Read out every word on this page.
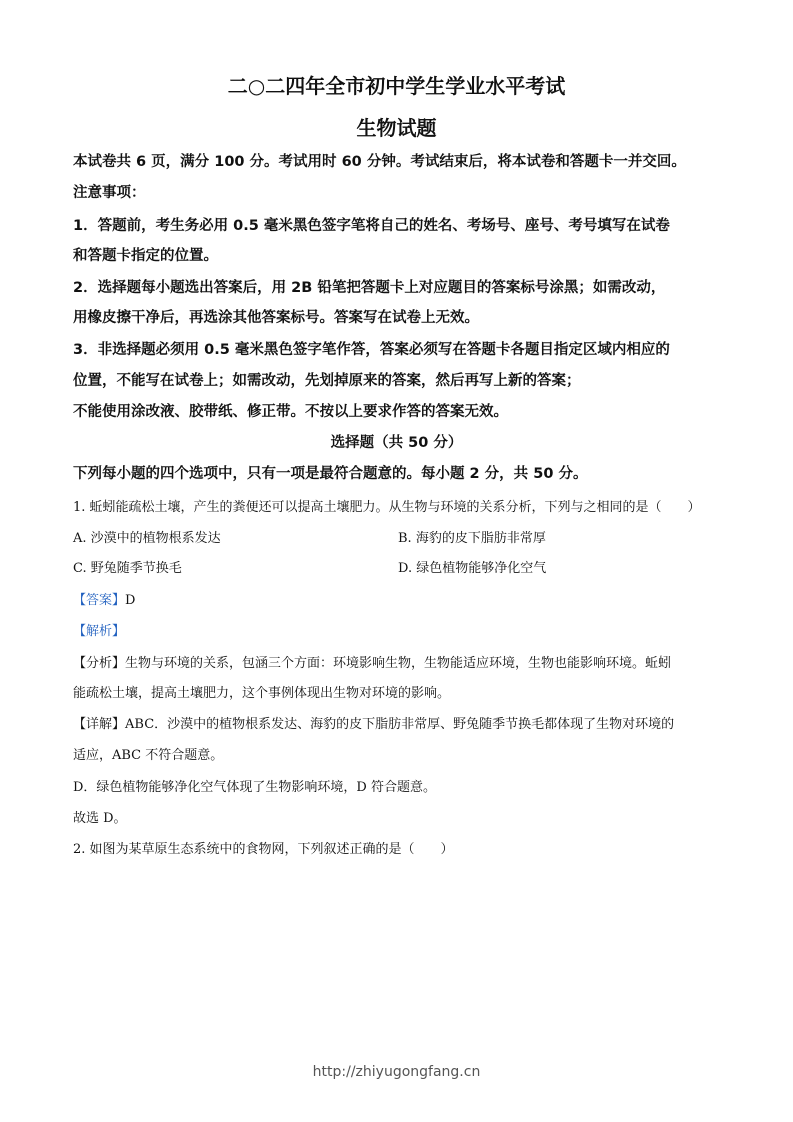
二○二四年全市初中学生学业水平考试
生物试题
本试卷共 6 页，满分 100 分。考试用时 60 分钟。考试结束后，将本试卷和答题卡一并交回。
注意事项：
1．答题前，考生务必用 0.5 毫米黑色签字笔将自己的姓名、考场号、座号、考号填写在试卷
和答题卡指定的位置。
2．选择题每小题选出答案后，用 2B 铅笔把答题卡上对应题目的答案标号涂黑；如需改动，
用橡皮擦干净后，再选涂其他答案标号。答案写在试卷上无效。
3．非选择题必须用 0.5 毫米黑色签字笔作答，答案必须写在答题卡各题目指定区域内相应的
位置，不能写在试卷上；如需改动，先划掉原来的答案，然后再写上新的答案；
不能使用涂改液、胶带纸、修正带。不按以上要求作答的答案无效。
选择题（共 50 分）
下列每小题的四个选项中，只有一项是最符合题意的。每小题 2 分，共 50 分。
1. 蚯蚓能疏松土壤，产生的粪便还可以提高土壤肥力。从生物与环境的关系分析，下列与之相同的是（　　）
A. 沙漠中的植物根系发达	B. 海豹的皮下脂肪非常厚
C. 野兔随季节换毛	D. 绿色植物能够净化空气
【答案】D
【解析】
【分析】生物与环境的关系，包涵三个方面：环境影响生物，生物能适应环境，生物也能影响环境。蚯蚓
能疏松土壤，提高土壤肥力，这个事例体现出生物对环境的影响。
【详解】ABC．沙漠中的植物根系发达、海豹的皮下脂肪非常厚、野兔随季节换毛都体现了生物对环境的
适应，ABC 不符合题意。
D．绿色植物能够净化空气体现了生物影响环境，D 符合题意。
故选 D。
2. 如图为某草原生态系统中的食物网，下列叙述正确的是（　　）
http://zhiyugongfang.cn
